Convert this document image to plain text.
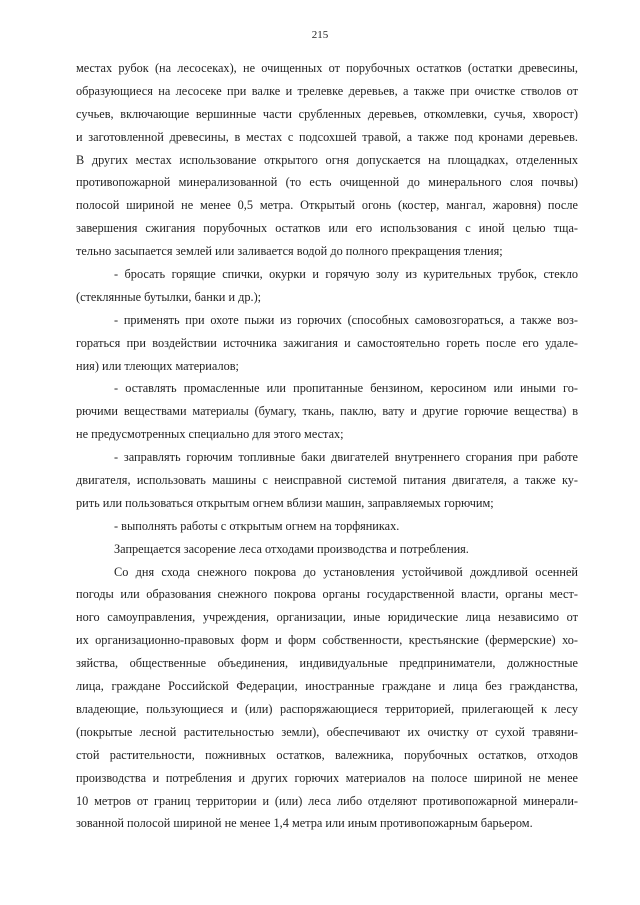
215
местах рубок (на лесосеках), не очищенных от порубочных остатков (остатки древесины,
образующиеся на лесосеке при валке и трелевке деревьев, а также при очистке стволов от
сучьев, включающие вершинные части срубленных деревьев, откомлевки, сучья, хворост)
и заготовленной древесины, в местах с подсохшей травой, а также под кронами деревьев.
В других местах использование открытого огня допускается на площадках, отделенных
противопожарной минерализованной (то есть очищенной до минерального слоя почвы)
полосой шириной не менее 0,5 метра. Открытый огонь (костер, мангал, жаровня) после
завершения сжигания порубочных остатков или его использования с иной целью тща-
тельно засыпается землей или заливается водой до полного прекращения тления;
- бросать горящие спички, окурки и горячую золу из курительных трубок, стекло
(стеклянные бутылки, банки и др.);
- применять при охоте пыжи из горючих (способных самовозгораться, а также воз-
гораться при воздействии источника зажигания и самостоятельно гореть после его удале-
ния) или тлеющих материалов;
- оставлять промасленные или пропитанные бензином, керосином или иными го-
рючими веществами материалы (бумагу, ткань, паклю, вату и другие горючие вещества) в
не предусмотренных специально для этого местах;
- заправлять горючим топливные баки двигателей внутреннего сгорания при работе
двигателя, использовать машины с неисправной системой питания двигателя, а также ку-
рить или пользоваться открытым огнем вблизи машин, заправляемых горючим;
- выполнять работы с открытым огнем на торфяниках.
Запрещается засорение леса отходами производства и потребления.
Со дня схода снежного покрова до установления устойчивой дождливой осенней
погоды или образования снежного покрова органы государственной власти, органы мест-
ного самоуправления, учреждения, организации, иные юридические лица независимо от
их организационно-правовых форм и форм собственности, крестьянские (фермерские) хо-
зяйства, общественные объединения, индивидуальные предприниматели, должностные
лица, граждане Российской Федерации, иностранные граждане и лица без гражданства,
владеющие, пользующиеся и (или) распоряжающиеся территорией, прилегающей к лесу
(покрытые лесной растительностью земли), обеспечивают их очистку от сухой травяни-
стой растительности, пожнивных остатков, валежника, порубочных остатков, отходов
производства и потребления и других горючих материалов на полосе шириной не менее
10 метров от границ территории и (или) леса либо отделяют противопожарной минерали-
зованной полосой шириной не менее 1,4 метра или иным противопожарным барьером.
